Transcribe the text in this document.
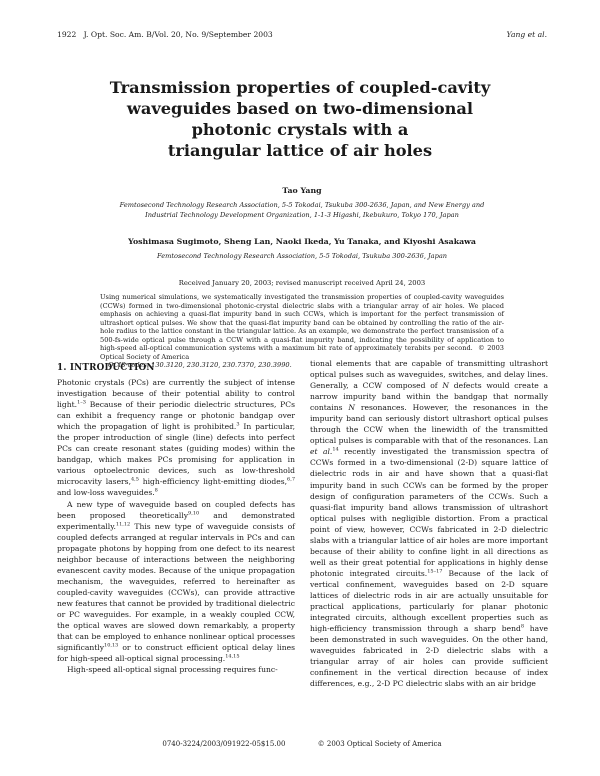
1922 J. Opt. Soc. Am. B/Vol. 20, No. 9/September 2003	Yang et al.
Transmission properties of coupled-cavity
waveguides based on two-dimensional
photonic crystals with a
triangular lattice of air holes
Tao Yang
Femtosecond Technology Research Association, 5-5 Tokodai, Tsukuba 300-2636, Japan, and New Energy and
Industrial Technology Development Organization, 1-1-3 Higashi, Ikebukuro, Tokyo 170, Japan
Yoshimasa Sugimoto, Sheng Lan, Naoki Ikeda, Yu Tanaka, and Kiyoshi Asakawa
Femtosecond Technology Research Association, 5-5 Tokodai, Tsukuba 300-2636, Japan
Received January 20, 2003; revised manuscript received April 24, 2003

Using numerical simulations, we systematically investigated the transmission properties of coupled-cavity waveguides (CCWs) formed in two-dimensional photonic-crystal dielectric slabs with a triangular array of air holes. We placed emphasis on achieving a quasi-flat impurity band in such CCWs, which is important for the perfect transmission of ultrashort optical pulses. We show that the quasi-flat impurity band can be obtained by controlling the ratio of the air-hole radius to the lattice constant in the triangular lattice. As an example, we demonstrate the perfect transmission of a 500-fs-wide optical pulse through a CCW with a quasi-flat impurity band, indicating the possibility of application to high-speed all-optical communication systems with a maximum bit rate of approximately terabits per second. © 2003 Optical Society of America

OCIS codes: 130.3120, 230.3120, 230.7370, 230.3990.

1. INTRODUCTION

Photonic crystals (PCs) are currently the subject of intense investigation because of their potential ability to control light.$^{1-3}$ Because of their periodic dielectric structures, PCs can exhibit a frequency range or photonic bandgap over which the propagation of light is prohibited.$^3$ In particular, the proper introduction of single (line) defects into perfect PCs can create resonant states (guiding modes) within the bandgap, which makes PCs promising for application in various optoelectronic devices, such as low-threshold microcavity lasers,$^{4,5}$ high-efficiency light-emitting diodes,$^{6,7}$ and low-loss waveguides.$^8$

A new type of waveguide based on coupled defects has been proposed theoretically$^{9,10}$ and demonstrated experimentally.$^{11,12}$ This new type of waveguide consists of coupled defects arranged at regular intervals in PCs and can propagate photons by hopping from one defect to its nearest neighbor because of interactions between the neighboring evanescent cavity modes. Because of the unique propagation mechanism, the waveguides, referred to hereinafter as coupled-cavity waveguides (CCWs), can provide attractive new features that cannot be provided by traditional dielectric or PC waveguides. For example, in a weakly coupled CCW, the optical waves are slowed down remarkably, a property that can be employed to enhance nonlinear optical processes significantly$^{10,13}$ or to construct efficient optical delay lines for high-speed all-optical signal processing.$^{14,15}$

High-speed all-optical signal processing requires func-

tional elements that are capable of transmitting ultrashort optical pulses such as waveguides, switches, and delay lines. Generally, a CCW composed of N defects would create a narrow impurity band within the bandgap that normally contains N resonances. However, the resonances in the impurity band can seriously distort ultrashort optical pulses through the CCW when the linewidth of the transmitted optical pulses is comparable with that of the resonances. Lan et al.$^{14}$ recently investigated the transmission spectra of CCWs formed in a two-dimensional (2-D) square lattice of dielectric rods in air and have shown that a quasi-flat impurity band in such CCWs can be formed by the proper design of configuration parameters of the CCWs. Such a quasi-flat impurity band allows transmission of ultrashort optical pulses with negligible distortion. From a practical point of view, however, CCWs fabricated in 2-D dielectric slabs with a triangular lattice of air holes are more important because of their ability to confine light in all directions as well as their great potential for applications in highly dense photonic integrated circuits.$^{15-17}$ Because of the lack of vertical confinement, waveguides based on 2-D square lattices of dielectric rods in air are actually unsuitable for practical applications, particularly for planar photonic integrated circuits, although excellent properties such as high-efficiency transmission through a sharp bend$^8$ have been demonstrated in such waveguides. On the other hand, waveguides fabricated in 2-D dielectric slabs with a triangular array of air holes can provide sufficient confinement in the vertical direction because of index differences, e.g., 2-D PC dielectric slabs with an air bridge

0740-3224/2003/091922-05$15.00	© 2003 Optical Society of America
